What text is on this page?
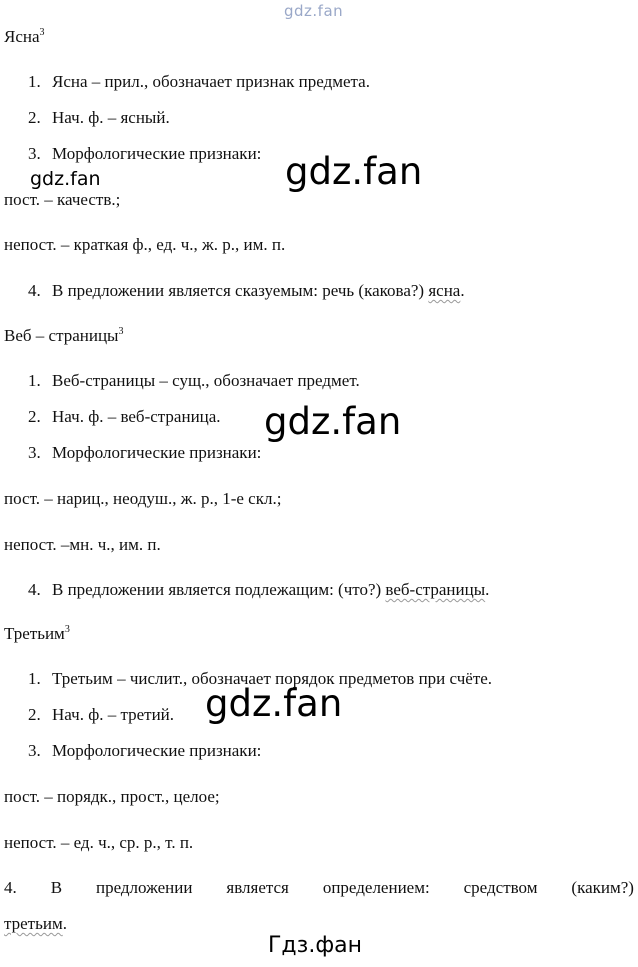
gdz.fan
gdz.fan	gdz.fan
gdz.fan
gdz.fan
Гдз.фан
Ясна$^3$
1. Ясна – прил., обозначает признак предмета.
2. Нач. ф. – ясный.
3. Морфологические признаки:
пост. – качеств.;
непост. – краткая ф., ед. ч., ж. р., им. п.
4. В предложении является сказуемым: речь (какова?) ясна.
Веб – страницы$^3$
1. Веб-страницы – сущ., обозначает предмет.
2. Нач. ф. – веб-страница.
3. Морфологические признаки:
пост. – нариц., неодуш., ж. р., 1-е скл.;
непост. –мн. ч., им. п.
4. В предложении является подлежащим: (что?) веб-страницы.
Третьим$^3$
1. Третьим – числит., обозначает порядок предметов при счёте.
2. Нач. ф. – третий.
3. Морфологические признаки:
пост. – порядк., прост., целое;
непост. – ед. ч., ср. р., т. п.
4. В предложении является определением: средством (каким?)
третьим.
